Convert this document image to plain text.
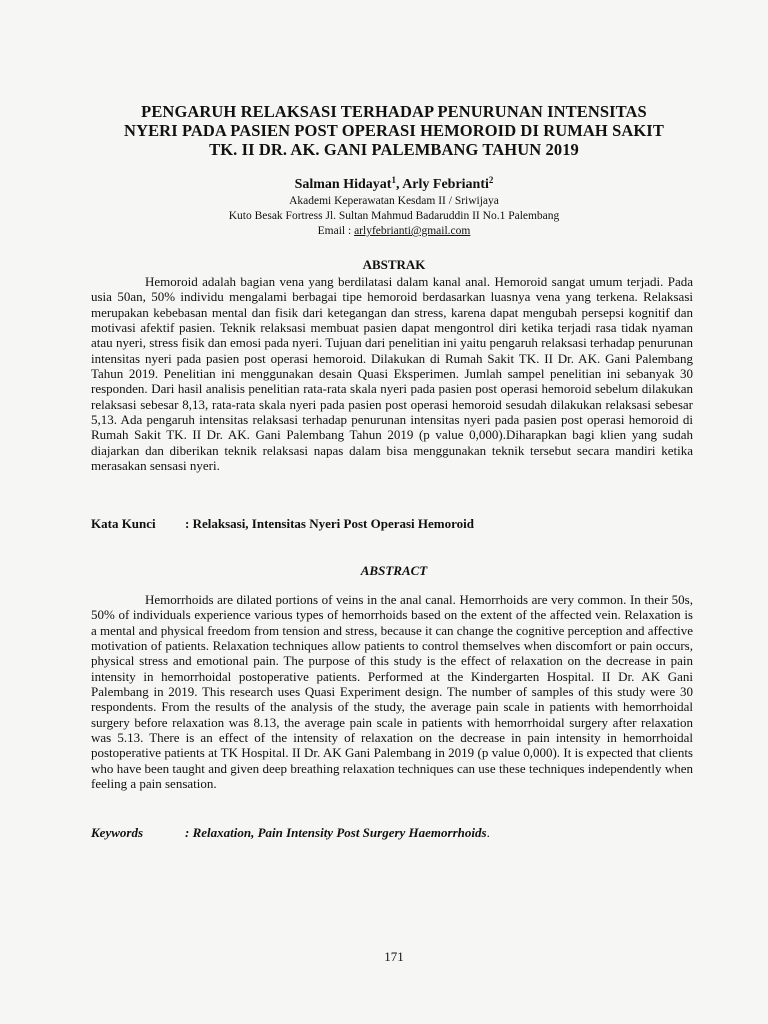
PENGARUH RELAKSASI TERHADAP PENURUNAN INTENSITAS
NYERI PADA PASIEN POST OPERASI HEMOROID DI RUMAH SAKIT
TK. II DR. AK. GANI PALEMBANG TAHUN 2019
Salman Hidayat$^1$, Arly Febrianti$^2$
Akademi Keperawatan Kesdam II / Sriwijaya
Kuto Besak Fortress Jl. Sultan Mahmud Badaruddin II No.1 Palembang
Email : arlyfebrianti@gmail.com
ABSTRAK

Hemoroid adalah bagian vena yang berdilatasi dalam kanal anal. Hemoroid sangat umum terjadi. Pada usia 50an, 50% individu mengalami berbagai tipe hemoroid berdasarkan luasnya vena yang terkena. Relaksasi merupakan kebebasan mental dan fisik dari ketegangan dan stress, karena dapat mengubah persepsi kognitif dan motivasi afektif pasien. Teknik relaksasi membuat pasien dapat mengontrol diri ketika terjadi rasa tidak nyaman atau nyeri, stress fisik dan emosi pada nyeri. Tujuan dari penelitian ini yaitu pengaruh relaksasi terhadap penurunan intensitas nyeri pada pasien post operasi hemoroid. Dilakukan di Rumah Sakit TK. II Dr. AK. Gani Palembang Tahun 2019. Penelitian ini menggunakan desain Quasi Eksperimen. Jumlah sampel penelitian ini sebanyak 30 responden. Dari hasil analisis penelitian rata-rata skala nyeri pada pasien post operasi hemoroid sebelum dilakukan relaksasi sebesar 8,13, rata-rata skala nyeri pada pasien post operasi hemoroid sesudah dilakukan relaksasi sebesar 5,13. Ada pengaruh intensitas relaksasi terhadap penurunan intensitas nyeri pada pasien post operasi hemoroid di Rumah Sakit TK. II Dr. AK. Gani Palembang Tahun 2019 (p value 0,000).Diharapkan bagi klien yang sudah diajarkan dan diberikan teknik relaksasi napas dalam bisa menggunakan teknik tersebut secara mandiri ketika merasakan sensasi nyeri.

Kata Kunci : Relaksasi, Intensitas Nyeri Post Operasi Hemoroid
ABSTRACT

Hemorrhoids are dilated portions of veins in the anal canal. Hemorrhoids are very common. In their 50s, 50% of individuals experience various types of hemorrhoids based on the extent of the affected vein. Relaxation is a mental and physical freedom from tension and stress, because it can change the cognitive perception and affective motivation of patients. Relaxation techniques allow patients to control themselves when discomfort or pain occurs, physical stress and emotional pain. The purpose of this study is the effect of relaxation on the decrease in pain intensity in hemorrhoidal postoperative patients. Performed at the Kindergarten Hospital. II Dr. AK Gani Palembang in 2019. This research uses Quasi Experiment design. The number of samples of this study were 30 respondents. From the results of the analysis of the study, the average pain scale in patients with hemorrhoidal surgery before relaxation was 8.13, the average pain scale in patients with hemorrhoidal surgery after relaxation was 5.13. There is an effect of the intensity of relaxation on the decrease in pain intensity in hemorrhoidal postoperative patients at TK Hospital. II Dr. AK Gani Palembang in 2019 (p value 0,000). It is expected that clients who have been taught and given deep breathing relaxation techniques can use these techniques independently when feeling a pain sensation.

Keywords	: Relaxation, Pain Intensity Post Surgery Haemorrhoids.
171
